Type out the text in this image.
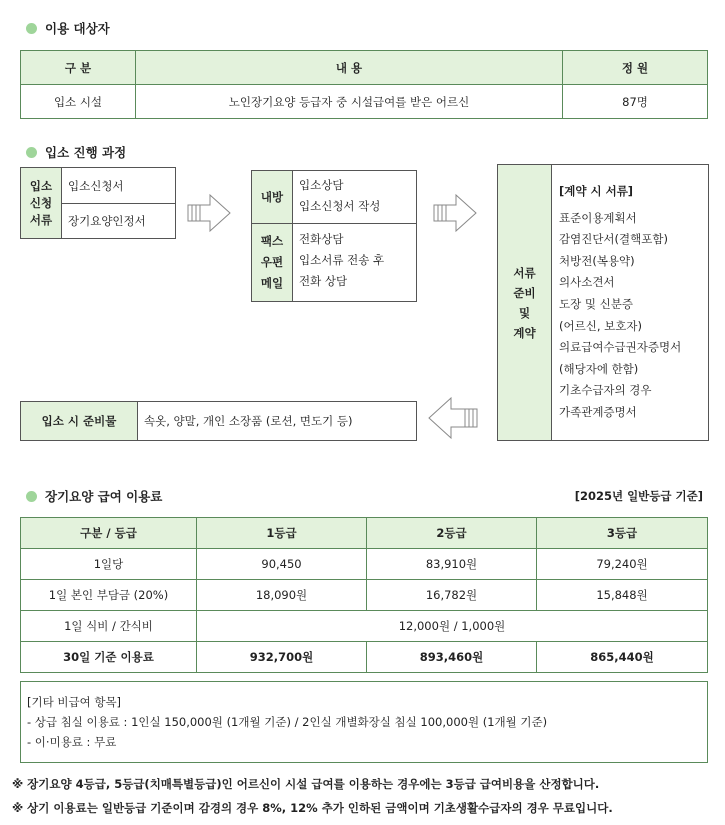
이용 대상자
구 분	내 용	정 원
입소 시설	노인장기요양 등급자 중 시설급여를 받은 어르신	87명
입소 진행 과정
입소
신청
서류
입소신청서
장기요양인정서
내방
입소상담
입소신청서 작성
팩스
우편
메일
전화상담
입소서류 전송 후
전화 상담
서류
준비
및
계약
[계약 시 서류]
표준이용계획서
감염진단서(결핵포함)
처방전(복용약)
의사소견서
도장 및 신분증
(어르신, 보호자)
의료급여수급권자증명서
(해당자에 한함)
기초수급자의 경우
가족관계증명서
입소 시 준비물	속옷, 양말, 개인 소장품 (로션, 면도기 등)
장기요양 급여 이용료	[2025년 일반등급 기준]
구분 / 등급	1등급	2등급	3등급
1일당	90,450	83,910원	79,240원
1일 본인 부담금 (20%)	18,090원	16,782원	15,848원
1일 식비 / 간식비	12,000원 / 1,000원		
30일 기준 이용료	932,700원	893,460원	865,440원
[기타 비급여 항목]
- 상급 침실 이용료 : 1인실 150,000원 (1개월 기준) / 2인실 개별화장실 침실 100,000원 (1개월 기준)
- 이·미용료 : 무료
※ 장기요양 4등급, 5등급(치매특별등급)인 어르신이 시설 급여를 이용하는 경우에는 3등급 급여비용을 산정합니다.
※ 상기 이용료는 일반등급 기준이며 감경의 경우 8%, 12% 추가 인하된 금액이며 기초생활수급자의 경우 무료입니다.
